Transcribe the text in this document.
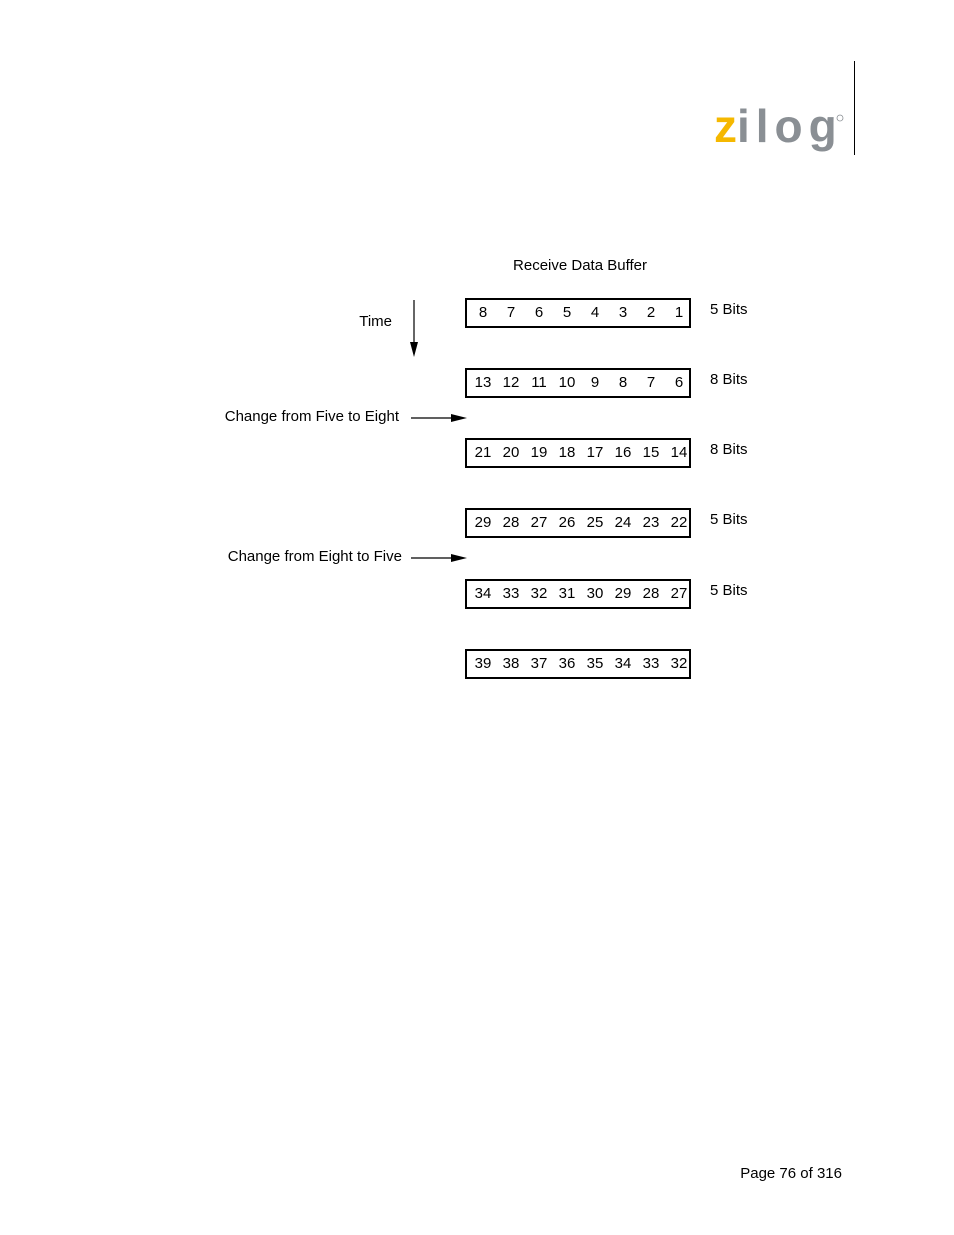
zilog
Receive Data Buffer
Time
8	7	6	5	4	3	2	1	5 Bits
13 12 11 10	9	8	7	6	8 Bits
21 20 19 18 17 16 15 14	8 Bits
29 28 27 26 25 24 23 22	5 Bits
34 33 32 31 30 29 28 27	5 Bits
39 38 37 36 35 34 33 32
Change from Five to Eight
Change from Eight to Five
Page 76 of 316
